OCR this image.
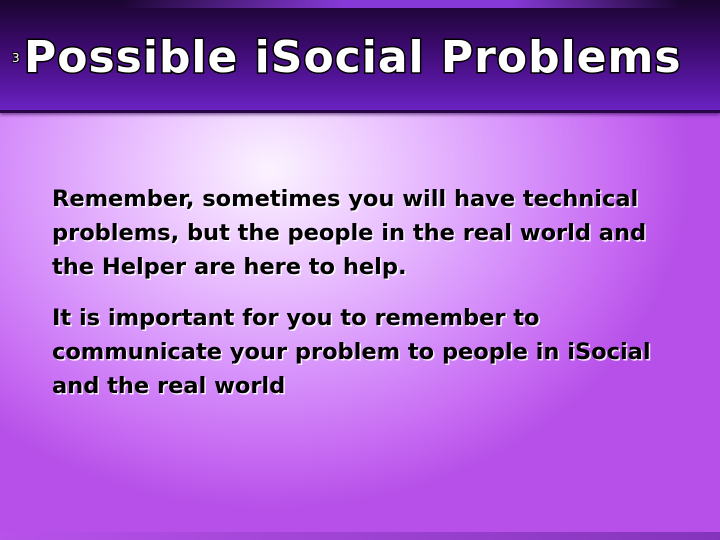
3 Possible iSocial Problems

Remember, sometimes you will have technical problems, but the people in the real world and the Helper are here to help.

It is important for you to remember to communicate your problem to people in iSocial and the real world
